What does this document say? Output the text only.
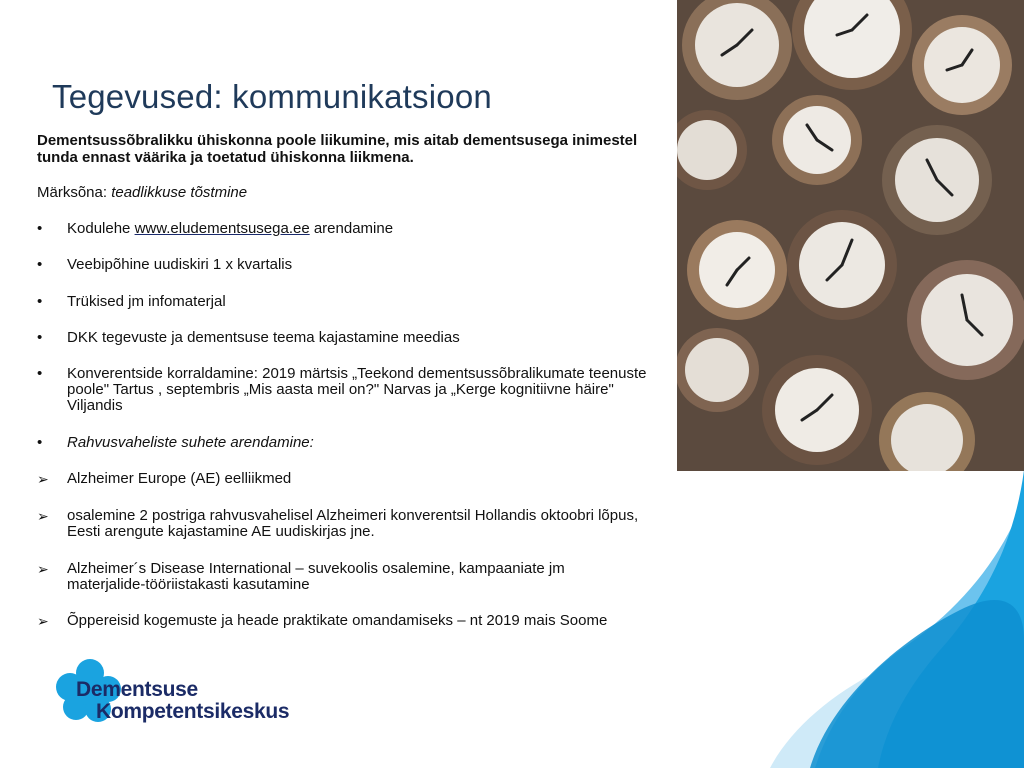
Tegevused: kommunikatsioon

Dementsussõbralikku ühiskonna poole liikumine, mis aitab dementsusega inimestel tunda ennast väärika ja toetatud ühiskonna liikmena.

Märksõna: teadlikkuse tõstmine

•	Kodulehe www.eludementsusega.ee arendamine
•	Veebipõhine uudiskiri 1 x kvartalis
•	Trükised jm infomaterjal
•	DKK tegevuste ja dementsuse teema kajastamine meedias
•	Konverentside korraldamine: 2019 märtsis „Teekond dementsussõbralikumate teenuste poole" Tartus , septembris „Mis aasta meil on?" Narvas ja „Kerge kognitiivne häire" Viljandis
•	Rahvusvaheliste suhete arendamine:
➢	Alzheimer Europe (AE) eelliikmed
➢	osalemine 2 postriga rahvusvahelisel Alzheimeri konverentsil Hollandis oktoobri lõpus, Eesti arengute kajastamine AE uudiskirjas jne.
➢	Alzheimer´s Disease International – suvekoolis osalemine, kampaaniate jm materjalide-tööriistakasti kasutamine
➢	Õppereisid kogemuste ja heade praktikate omandamiseks – nt 2019 mais Soome
Dementsuse
Kompetentsikeskus
